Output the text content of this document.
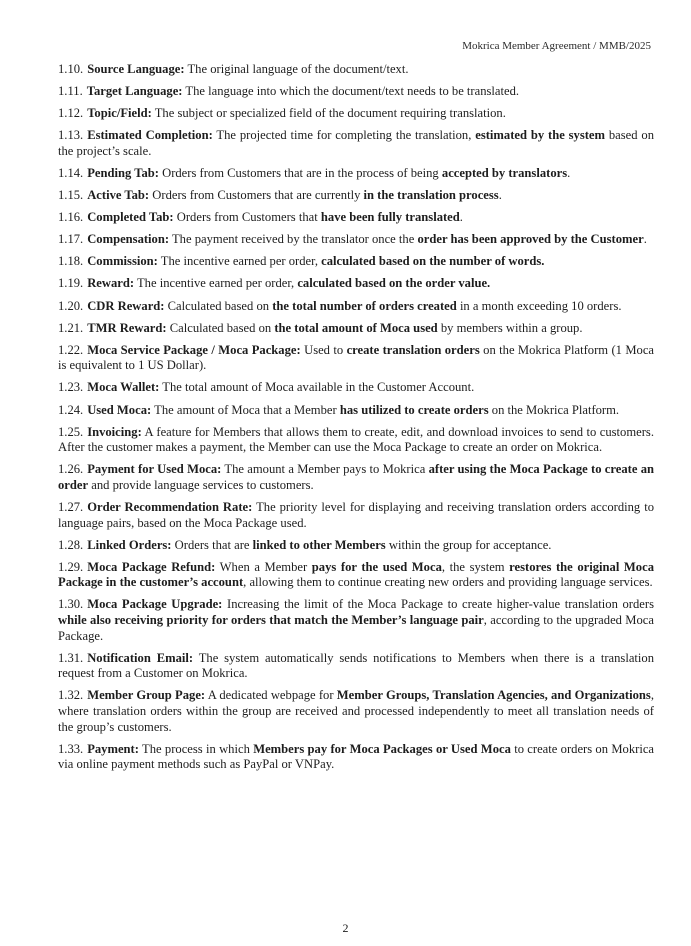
Mokrica Member Agreement / MMB/2025

1.10. Source Language: The original language of the document/text.

1.11. Target Language: The language into which the document/text needs to be translated.

1.12. Topic/Field: The subject or specialized field of the document requiring translation.

1.13. Estimated Completion: The projected time for completing the translation, estimated by the system based on the project’s scale.

1.14. Pending Tab: Orders from Customers that are in the process of being accepted by translators.

1.15. Active Tab: Orders from Customers that are currently in the translation process.

1.16. Completed Tab: Orders from Customers that have been fully translated.

1.17. Compensation: The payment received by the translator once the order has been approved by the Customer.

1.18. Commission: The incentive earned per order, calculated based on the number of words.

1.19. Reward: The incentive earned per order, calculated based on the order value.

1.20. CDR Reward: Calculated based on the total number of orders created in a month exceeding 10 orders.

1.21. TMR Reward: Calculated based on the total amount of Moca used by members within a group.

1.22. Moca Service Package / Moca Package: Used to create translation orders on the Mokrica Platform (1 Moca is equivalent to 1 US Dollar).

1.23. Moca Wallet: The total amount of Moca available in the Customer Account.

1.24. Used Moca: The amount of Moca that a Member has utilized to create orders on the Mokrica Platform.

1.25. Invoicing: A feature for Members that allows them to create, edit, and download invoices to send to customers. After the customer makes a payment, the Member can use the Moca Package to create an order on Mokrica.

1.26. Payment for Used Moca: The amount a Member pays to Mokrica after using the Moca Package to create an order and provide language services to customers.

1.27. Order Recommendation Rate: The priority level for displaying and receiving translation orders according to language pairs, based on the Moca Package used.

1.28. Linked Orders: Orders that are linked to other Members within the group for acceptance.

1.29. Moca Package Refund: When a Member pays for the used Moca, the system restores the original Moca Package in the customer’s account, allowing them to continue creating new orders and providing language services.

1.30. Moca Package Upgrade: Increasing the limit of the Moca Package to create higher-value translation orders while also receiving priority for orders that match the Member’s language pair, according to the upgraded Moca Package.

1.31. Notification Email: The system automatically sends notifications to Members when there is a translation request from a Customer on Mokrica.

1.32. Member Group Page: A dedicated webpage for Member Groups, Translation Agencies, and Organizations, where translation orders within the group are received and processed independently to meet all translation needs of the group’s customers.

1.33. Payment: The process in which Members pay for Moca Packages or Used Moca to create orders on Mokrica via online payment methods such as PayPal or VNPay.

2
